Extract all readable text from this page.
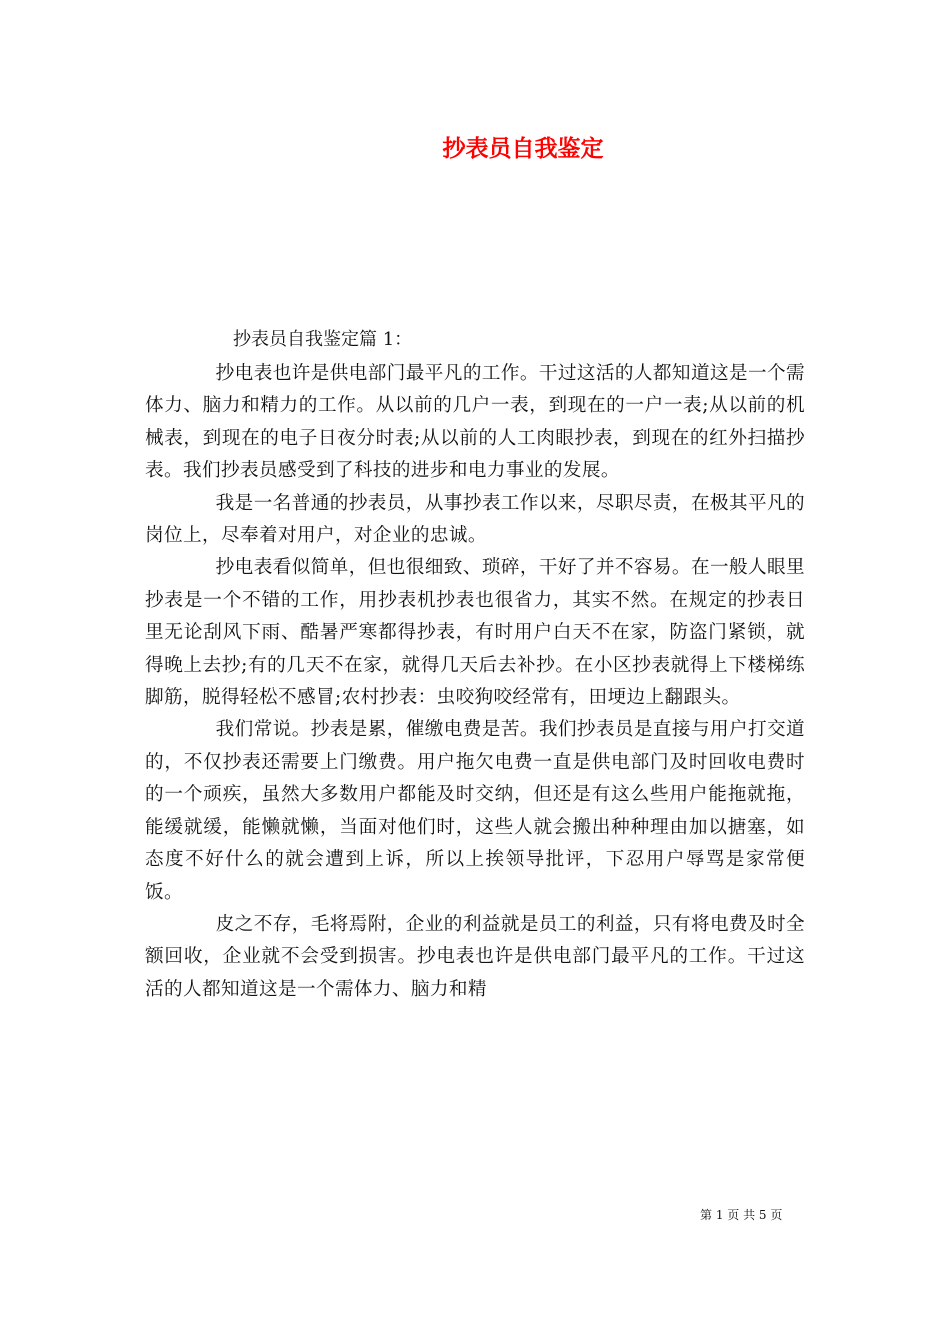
抄表员自我鉴定

抄表员自我鉴定篇 1：

抄电表也许是供电部门最平凡的工作。干过这活的人都知道这是一个需体力、脑力和精力的工作。从以前的几户一表，到现在的一户一表;从以前的机械表，到现在的电子日夜分时表;从以前的人工肉眼抄表，到现在的红外扫描抄表。我们抄表员感受到了科技的进步和电力事业的发展。

我是一名普通的抄表员，从事抄表工作以来，尽职尽责，在极其平凡的岗位上，尽奉着对用户，对企业的忠诚。

抄电表看似简单，但也很细致、琐碎，干好了并不容易。在一般人眼里抄表是一个不错的工作，用抄表机抄表也很省力，其实不然。在规定的抄表日里无论刮风下雨、酷暑严寒都得抄表，有时用户白天不在家，防盗门紧锁，就得晚上去抄;有的几天不在家，就得几天后去补抄。在小区抄表就得上下楼梯练脚筋，脱得轻松不感冒;农村抄表：虫咬狗咬经常有，田埂边上翻跟头。

我们常说。抄表是累，催缴电费是苦。我们抄表员是直接与用户打交道的，不仅抄表还需要上门缴费。用户拖欠电费一直是供电部门及时回收电费时的一个顽疾，虽然大多数用户都能及时交纳，但还是有这么些用户能拖就拖，能缓就缓，能懒就懒，当面对他们时，这些人就会搬出种种理由加以搪塞，如态度不好什么的就会遭到上诉，所以上挨领导批评，下忍用户辱骂是家常便饭。

皮之不存，毛将焉附，企业的利益就是员工的利益，只有将电费及时全额回收，企业就不会受到损害。抄电表也许是供电部门最平凡的工作。干过这活的人都知道这是一个需体力、脑力和精

第 1 页 共 5 页
